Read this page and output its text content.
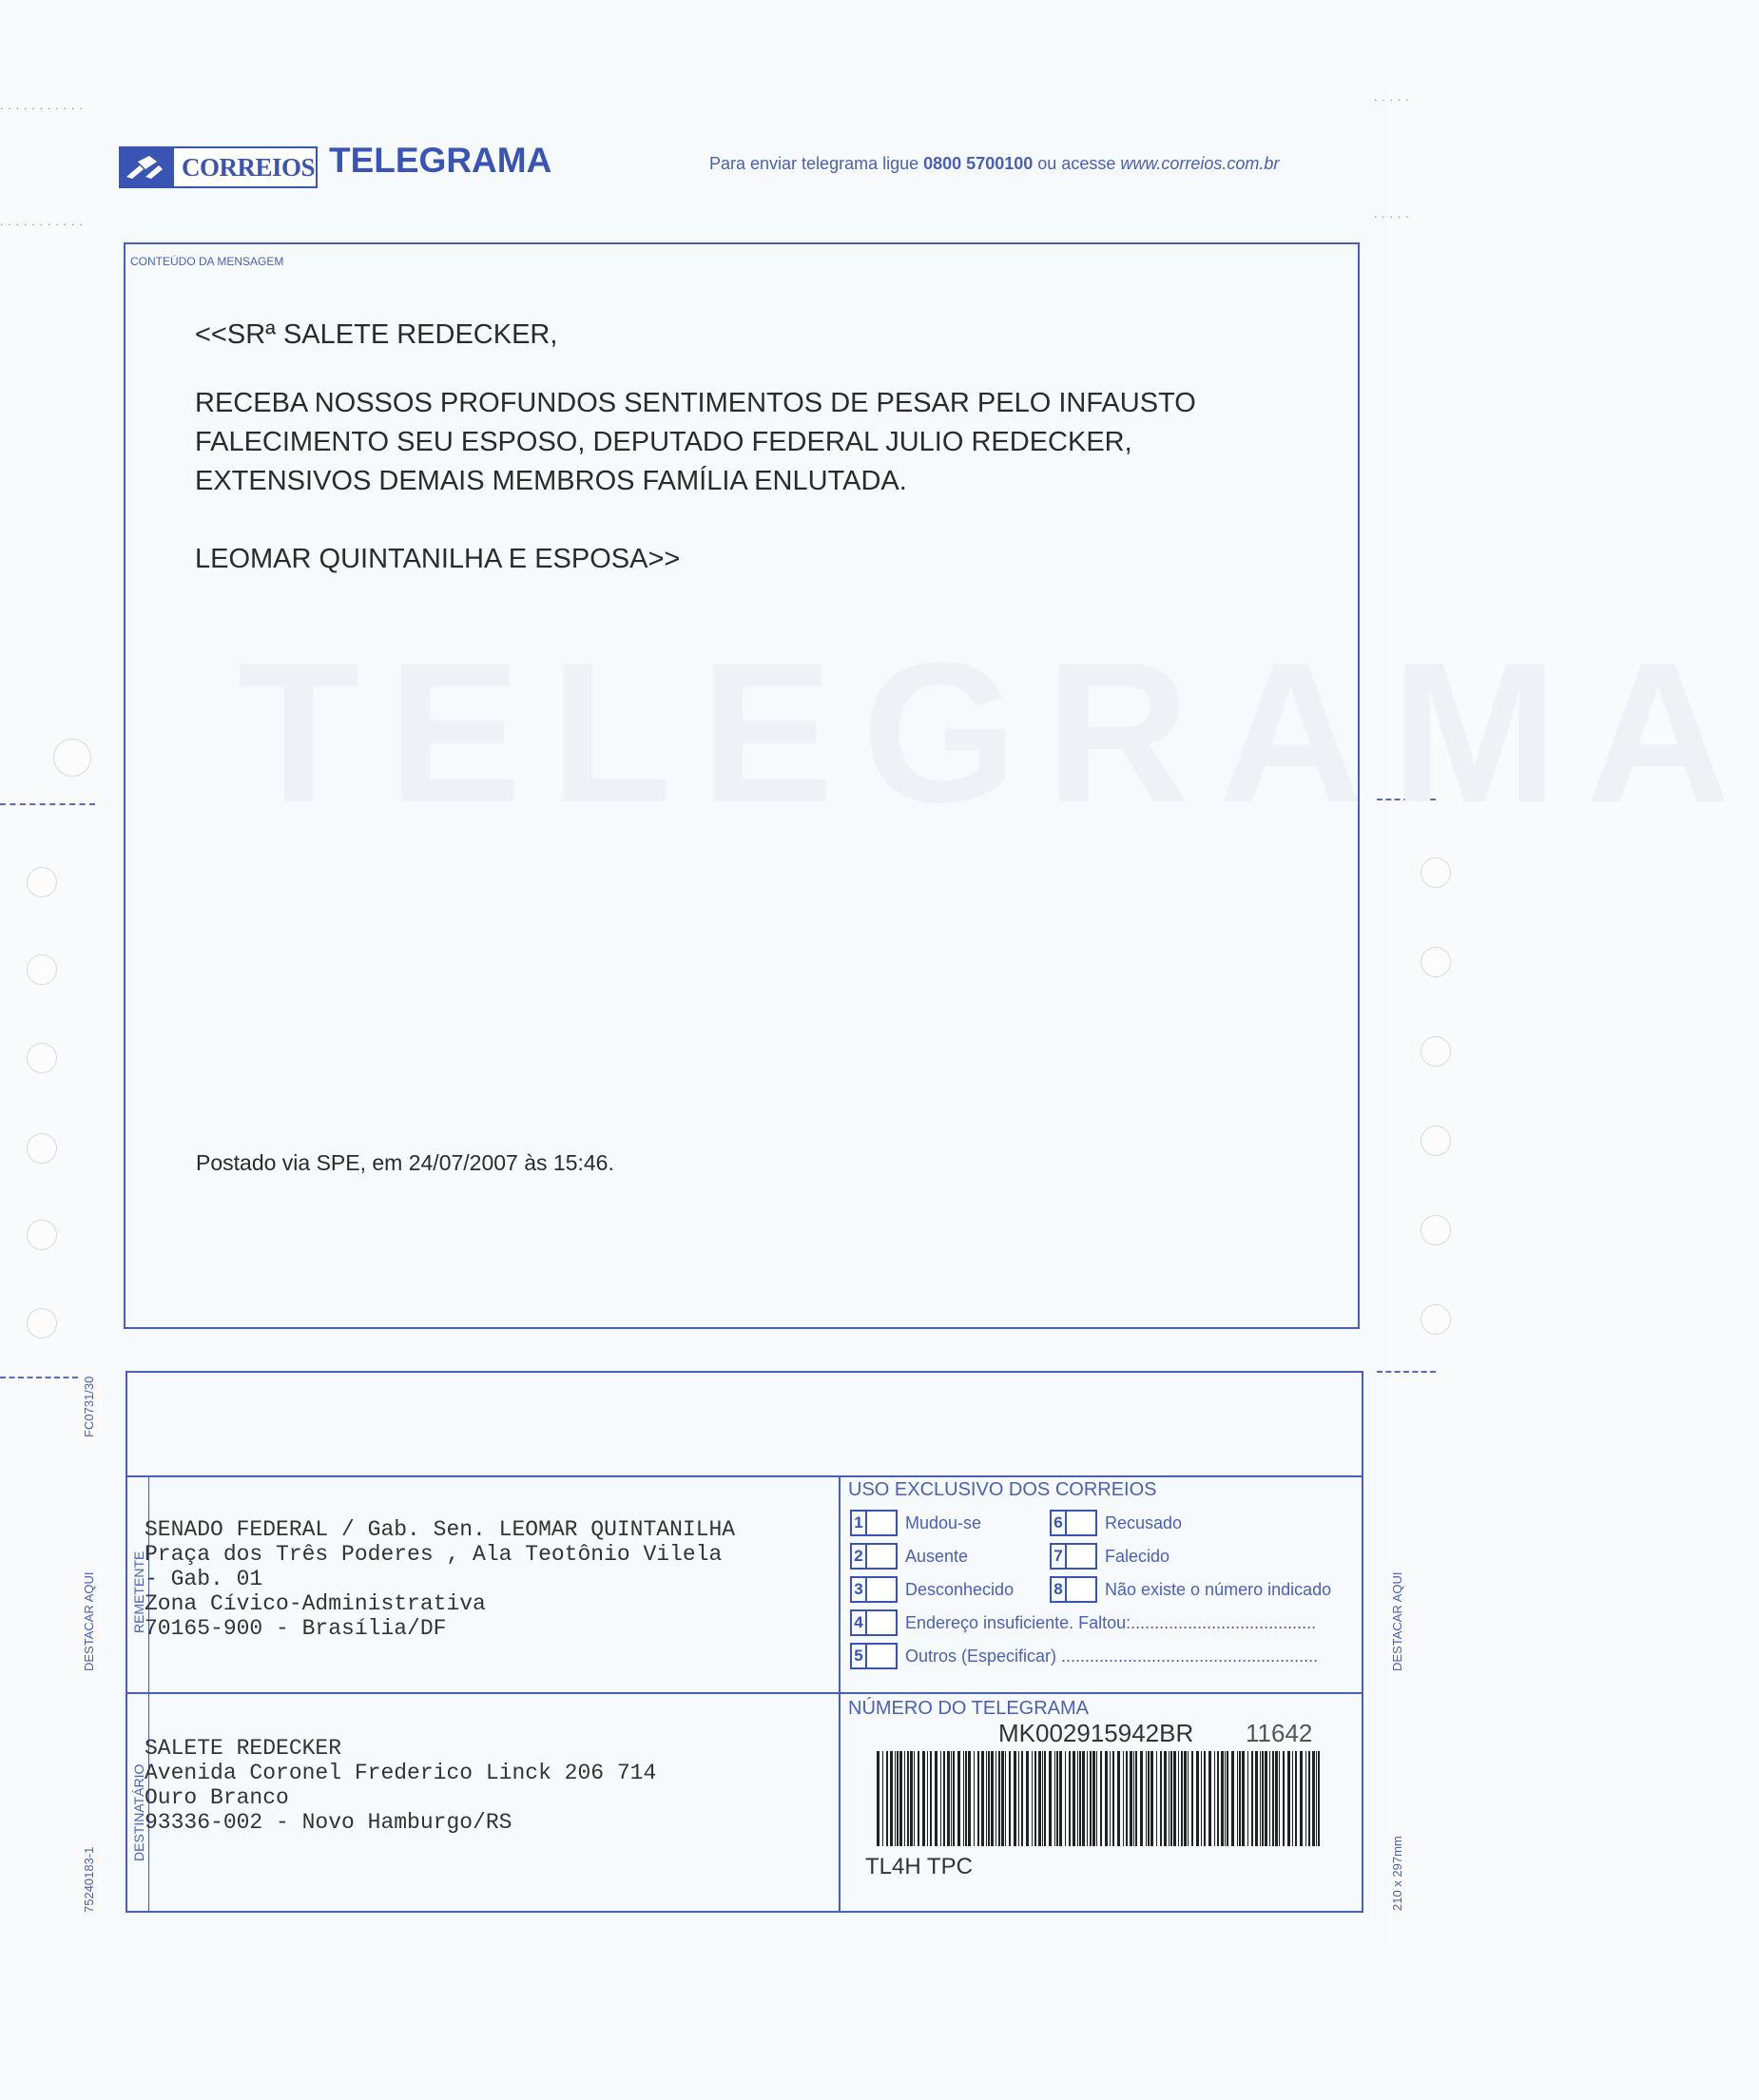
...........
...........
.....
.....
CORREIOS TELEGRAMA	Para enviar telegrama ligue 0800 5700100 ou acesse www.correios.com.br
TELEGRAMA
CONTEÚDO DA MENSAGEM
<<SRª SALETE REDECKER,
RECEBA NOSSOS PROFUNDOS SENTIMENTOS DE PESAR PELO INFAUSTO
FALECIMENTO SEU ESPOSO, DEPUTADO FEDERAL JULIO REDECKER,
EXTENSIVOS DEMAIS MEMBROS FAMÍLIA ENLUTADA.
LEOMAR QUINTANILHA E ESPOSA>>
Postado via SPE, em 24/07/2007 às 15:46.
FC0731/30
DESTACAR AQUI
75240183-1
DESTACAR AQUI
210 x 297mm
REMETENTE
SENADO FEDERAL / Gab. Sen. LEOMAR QUINTANILHA
Praça dos Três Poderes , Ala Teotônio Vilela
- Gab. 01
Zona Cívico-Administrativa
70165-900 - Brasília/DF
DESTINATÁRIO
SALETE REDECKER
Avenida Coronel Frederico Linck 206 714
Ouro Branco
93336-002 - Novo Hamburgo/RS
USO EXCLUSIVO DOS CORREIOS
1 Mudou-se
2 Ausente
3 Desconhecido
4 Endereço insuficiente. Faltou:.......................................
5 Outros (Especificar) ......................................................
6 Recusado
7 Falecido
8 Não existe o número indicado
NÚMERO DO TELEGRAMA
MK002915942BR 11642
TL4H TPC
